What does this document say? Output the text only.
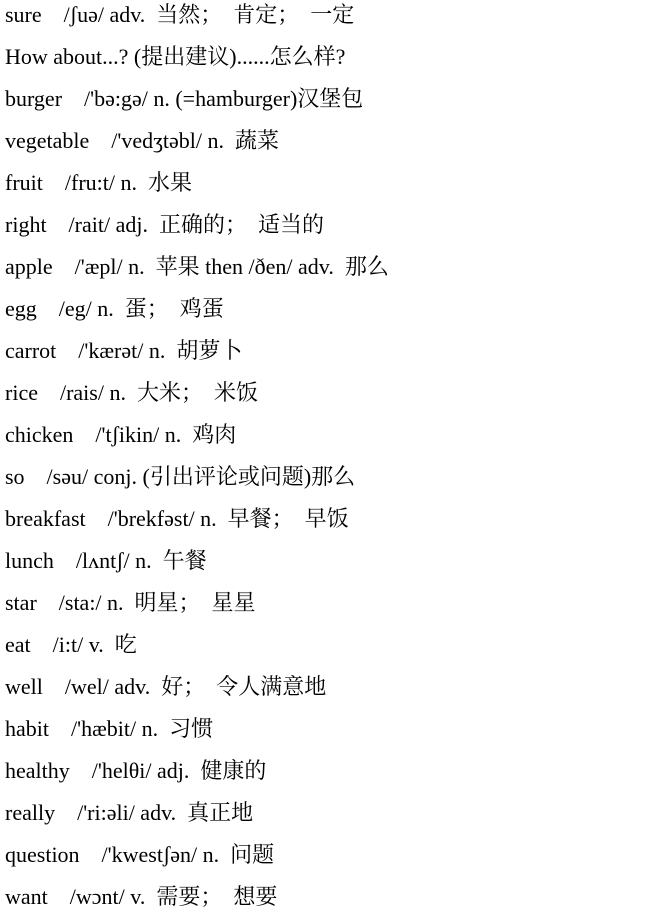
sure    /ʃuə/ adv.  当然；  肯定；  一定
How about...? (提出建议)......怎么样?
burger    /'bə:gə/ n. (=hamburger)汉堡包
vegetable    /'vedʒtəbl/ n.  蔬菜
fruit    /fru:t/ n.  水果
right    /rait/ adj.  正确的；  适当的
apple    /'æpl/ n.  苹果 then /ðen/ adv.  那么
egg    /eg/ n.  蛋；  鸡蛋
carrot    /'kærət/ n.  胡萝卜
rice    /rais/ n.  大米；  米饭
chicken    /'tʃikin/ n.  鸡肉
so    /səu/ conj. (引出评论或问题)那么
breakfast    /'brekfəst/ n.  早餐；  早饭
lunch    /lʌntʃ/ n.  午餐
star    /sta:/ n.  明星；  星星
eat    /i:t/ v.  吃
well    /wel/ adv.  好；  令人满意地
habit    /'hæbit/ n.  习惯
healthy    /'helθi/ adj.  健康的
really    /'ri:əli/ adv.  真正地
question    /'kwestʃən/ n.  问题
want    /wɔnt/ v.  需要；  想要
